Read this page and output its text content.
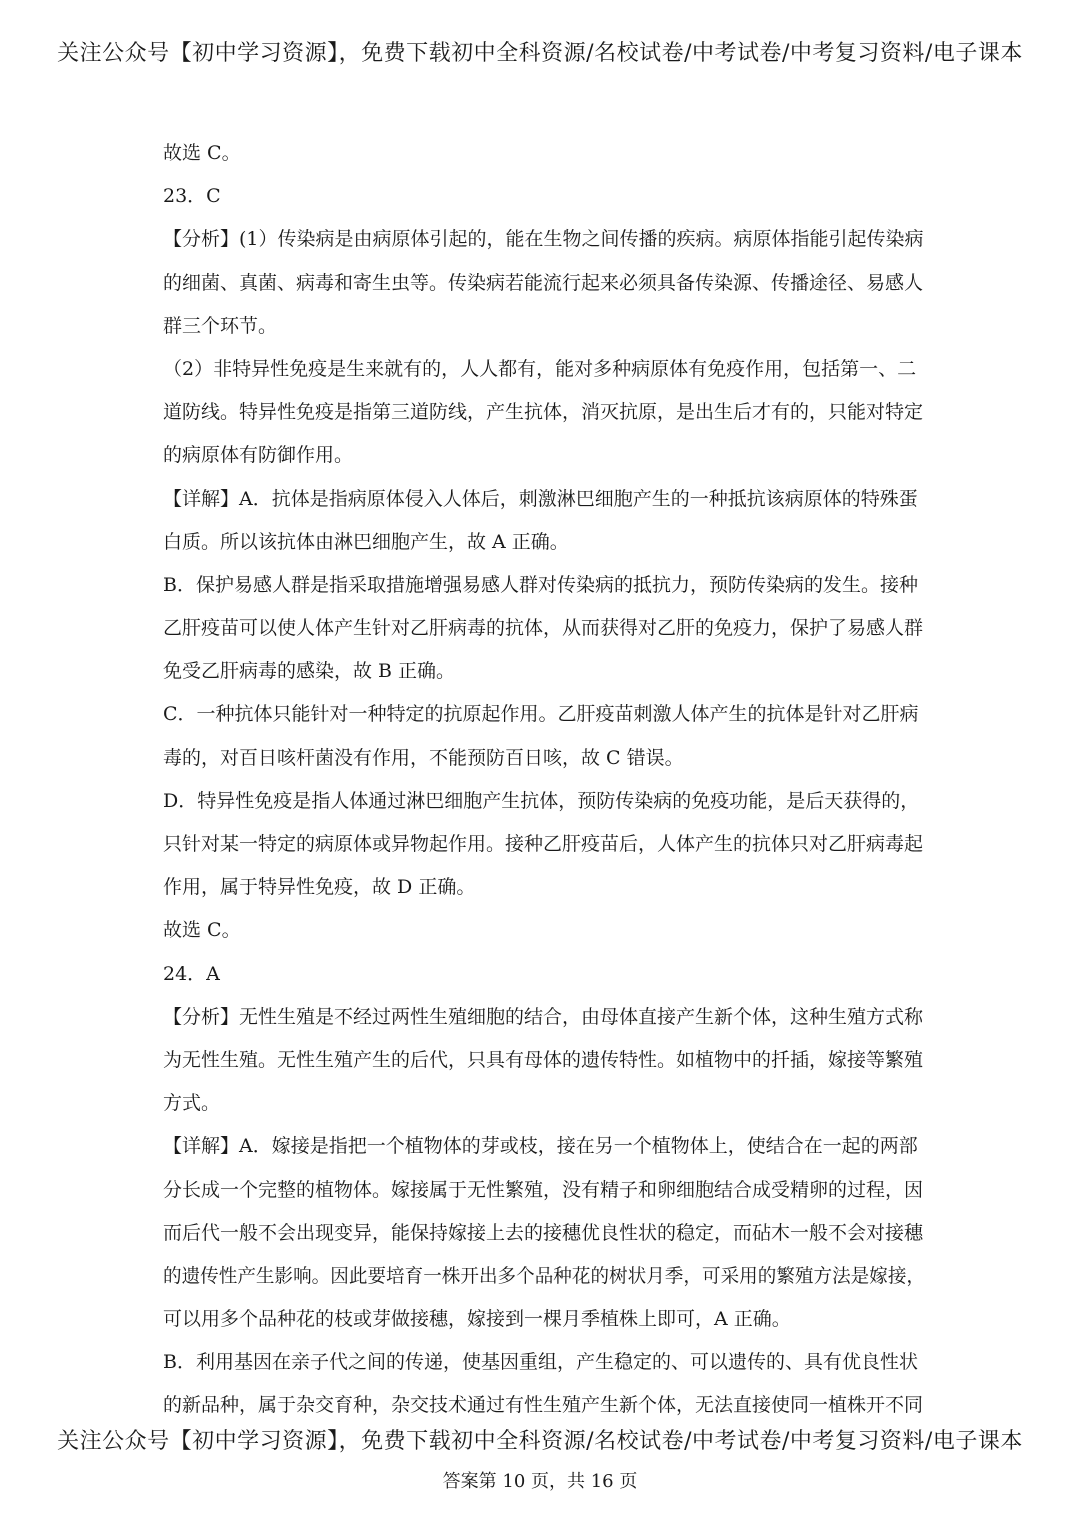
关注公众号【初中学习资源】，免费下载初中全科资源/名校试卷/中考试卷/中考复习资料/电子课本
故选 C。
23．C
【分析】(1）传染病是由病原体引起的，能在生物之间传播的疾病。病原体指能引起传染病
的细菌、真菌、病毒和寄生虫等。传染病若能流行起来必须具备传染源、传播途径、易感人
群三个环节。
（2）非特异性免疫是生来就有的，人人都有，能对多种病原体有免疫作用，包括第一、二
道防线。特异性免疫是指第三道防线，产生抗体，消灭抗原，是出生后才有的，只能对特定
的病原体有防御作用。
【详解】A．抗体是指病原体侵入人体后，刺激淋巴细胞产生的一种抵抗该病原体的特殊蛋
白质。所以该抗体由淋巴细胞产生，故 A 正确。
B．保护易感人群是指采取措施增强易感人群对传染病的抵抗力，预防传染病的发生。接种
乙肝疫苗可以使人体产生针对乙肝病毒的抗体，从而获得对乙肝的免疫力，保护了易感人群
免受乙肝病毒的感染，故 B 正确。
C．一种抗体只能针对一种特定的抗原起作用。乙肝疫苗刺激人体产生的抗体是针对乙肝病
毒的，对百日咳杆菌没有作用，不能预防百日咳，故 C 错误。
D．特异性免疫是指人体通过淋巴细胞产生抗体，预防传染病的免疫功能，是后天获得的，
只针对某一特定的病原体或异物起作用。接种乙肝疫苗后，人体产生的抗体只对乙肝病毒起
作用，属于特异性免疫，故 D 正确。
故选 C。
24．A
【分析】无性生殖是不经过两性生殖细胞的结合，由母体直接产生新个体，这种生殖方式称
为无性生殖。无性生殖产生的后代，只具有母体的遗传特性。如植物中的扦插，嫁接等繁殖
方式。
【详解】A．嫁接是指把一个植物体的芽或枝，接在另一个植物体上，使结合在一起的两部
分长成一个完整的植物体。嫁接属于无性繁殖，没有精子和卵细胞结合成受精卵的过程，因
而后代一般不会出现变异，能保持嫁接上去的接穗优良性状的稳定，而砧木一般不会对接穗
的遗传性产生影响。因此要培育一株开出多个品种花的树状月季，可采用的繁殖方法是嫁接，
可以用多个品种花的枝或芽做接穗，嫁接到一棵月季植株上即可，A 正确。
B．利用基因在亲子代之间的传递，使基因重组，产生稳定的、可以遗传的、具有优良性状
的新品种，属于杂交育种，杂交技术通过有性生殖产生新个体，无法直接使同一植株开不同
关注公众号【初中学习资源】，免费下载初中全科资源/名校试卷/中考试卷/中考复习资料/电子课本
答案第 10 页，共 16 页
